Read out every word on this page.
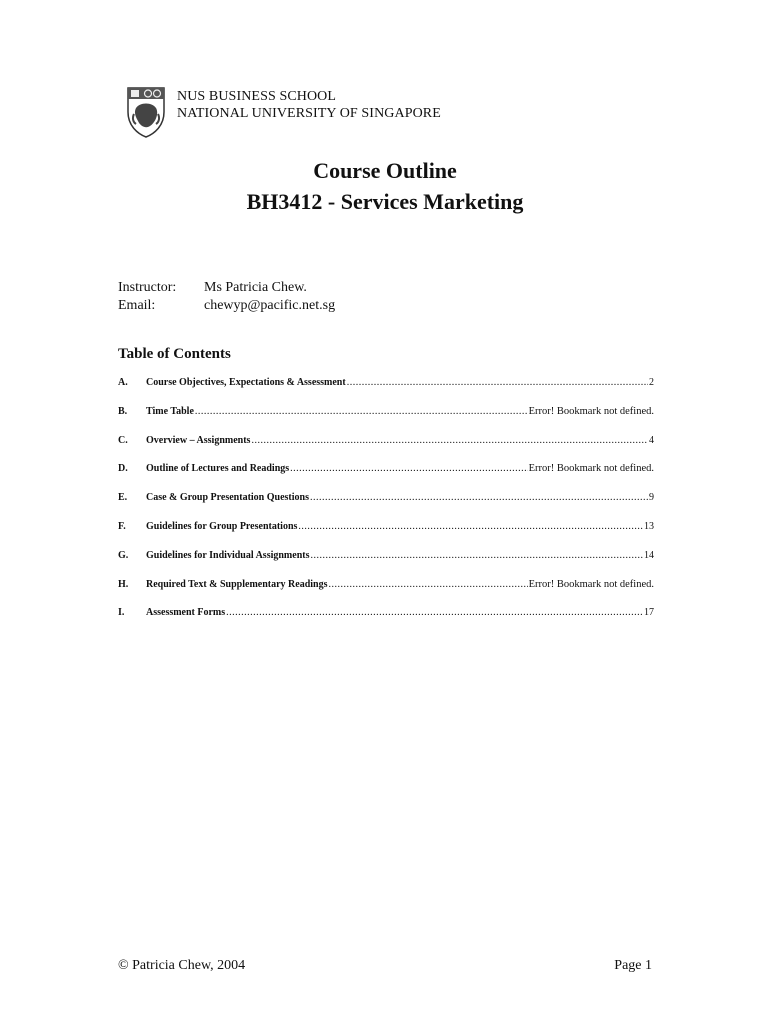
NUS BUSINESS SCHOOL
NATIONAL UNIVERSITY OF SINGAPORE
Course Outline
BH3412 - Services Marketing
Instructor:	Ms Patricia Chew.
Email:	chewyp@pacific.net.sg
Table of Contents
A.	Course Objectives, Expectations & Assessment .....	2
B.	Time Table .....	Error! Bookmark not defined.
C.	Overview – Assignments .....	4
D.	Outline of Lectures and Readings .....	Error! Bookmark not defined.
E.	Case & Group Presentation Questions .....	9
F.	Guidelines for Group Presentations .....	13
G.	Guidelines for Individual Assignments .....	14
H.	Required Text & Supplementary Readings .....	Error! Bookmark not defined.
I.	Assessment Forms .....	17
© Patricia Chew, 2004	Page 1
